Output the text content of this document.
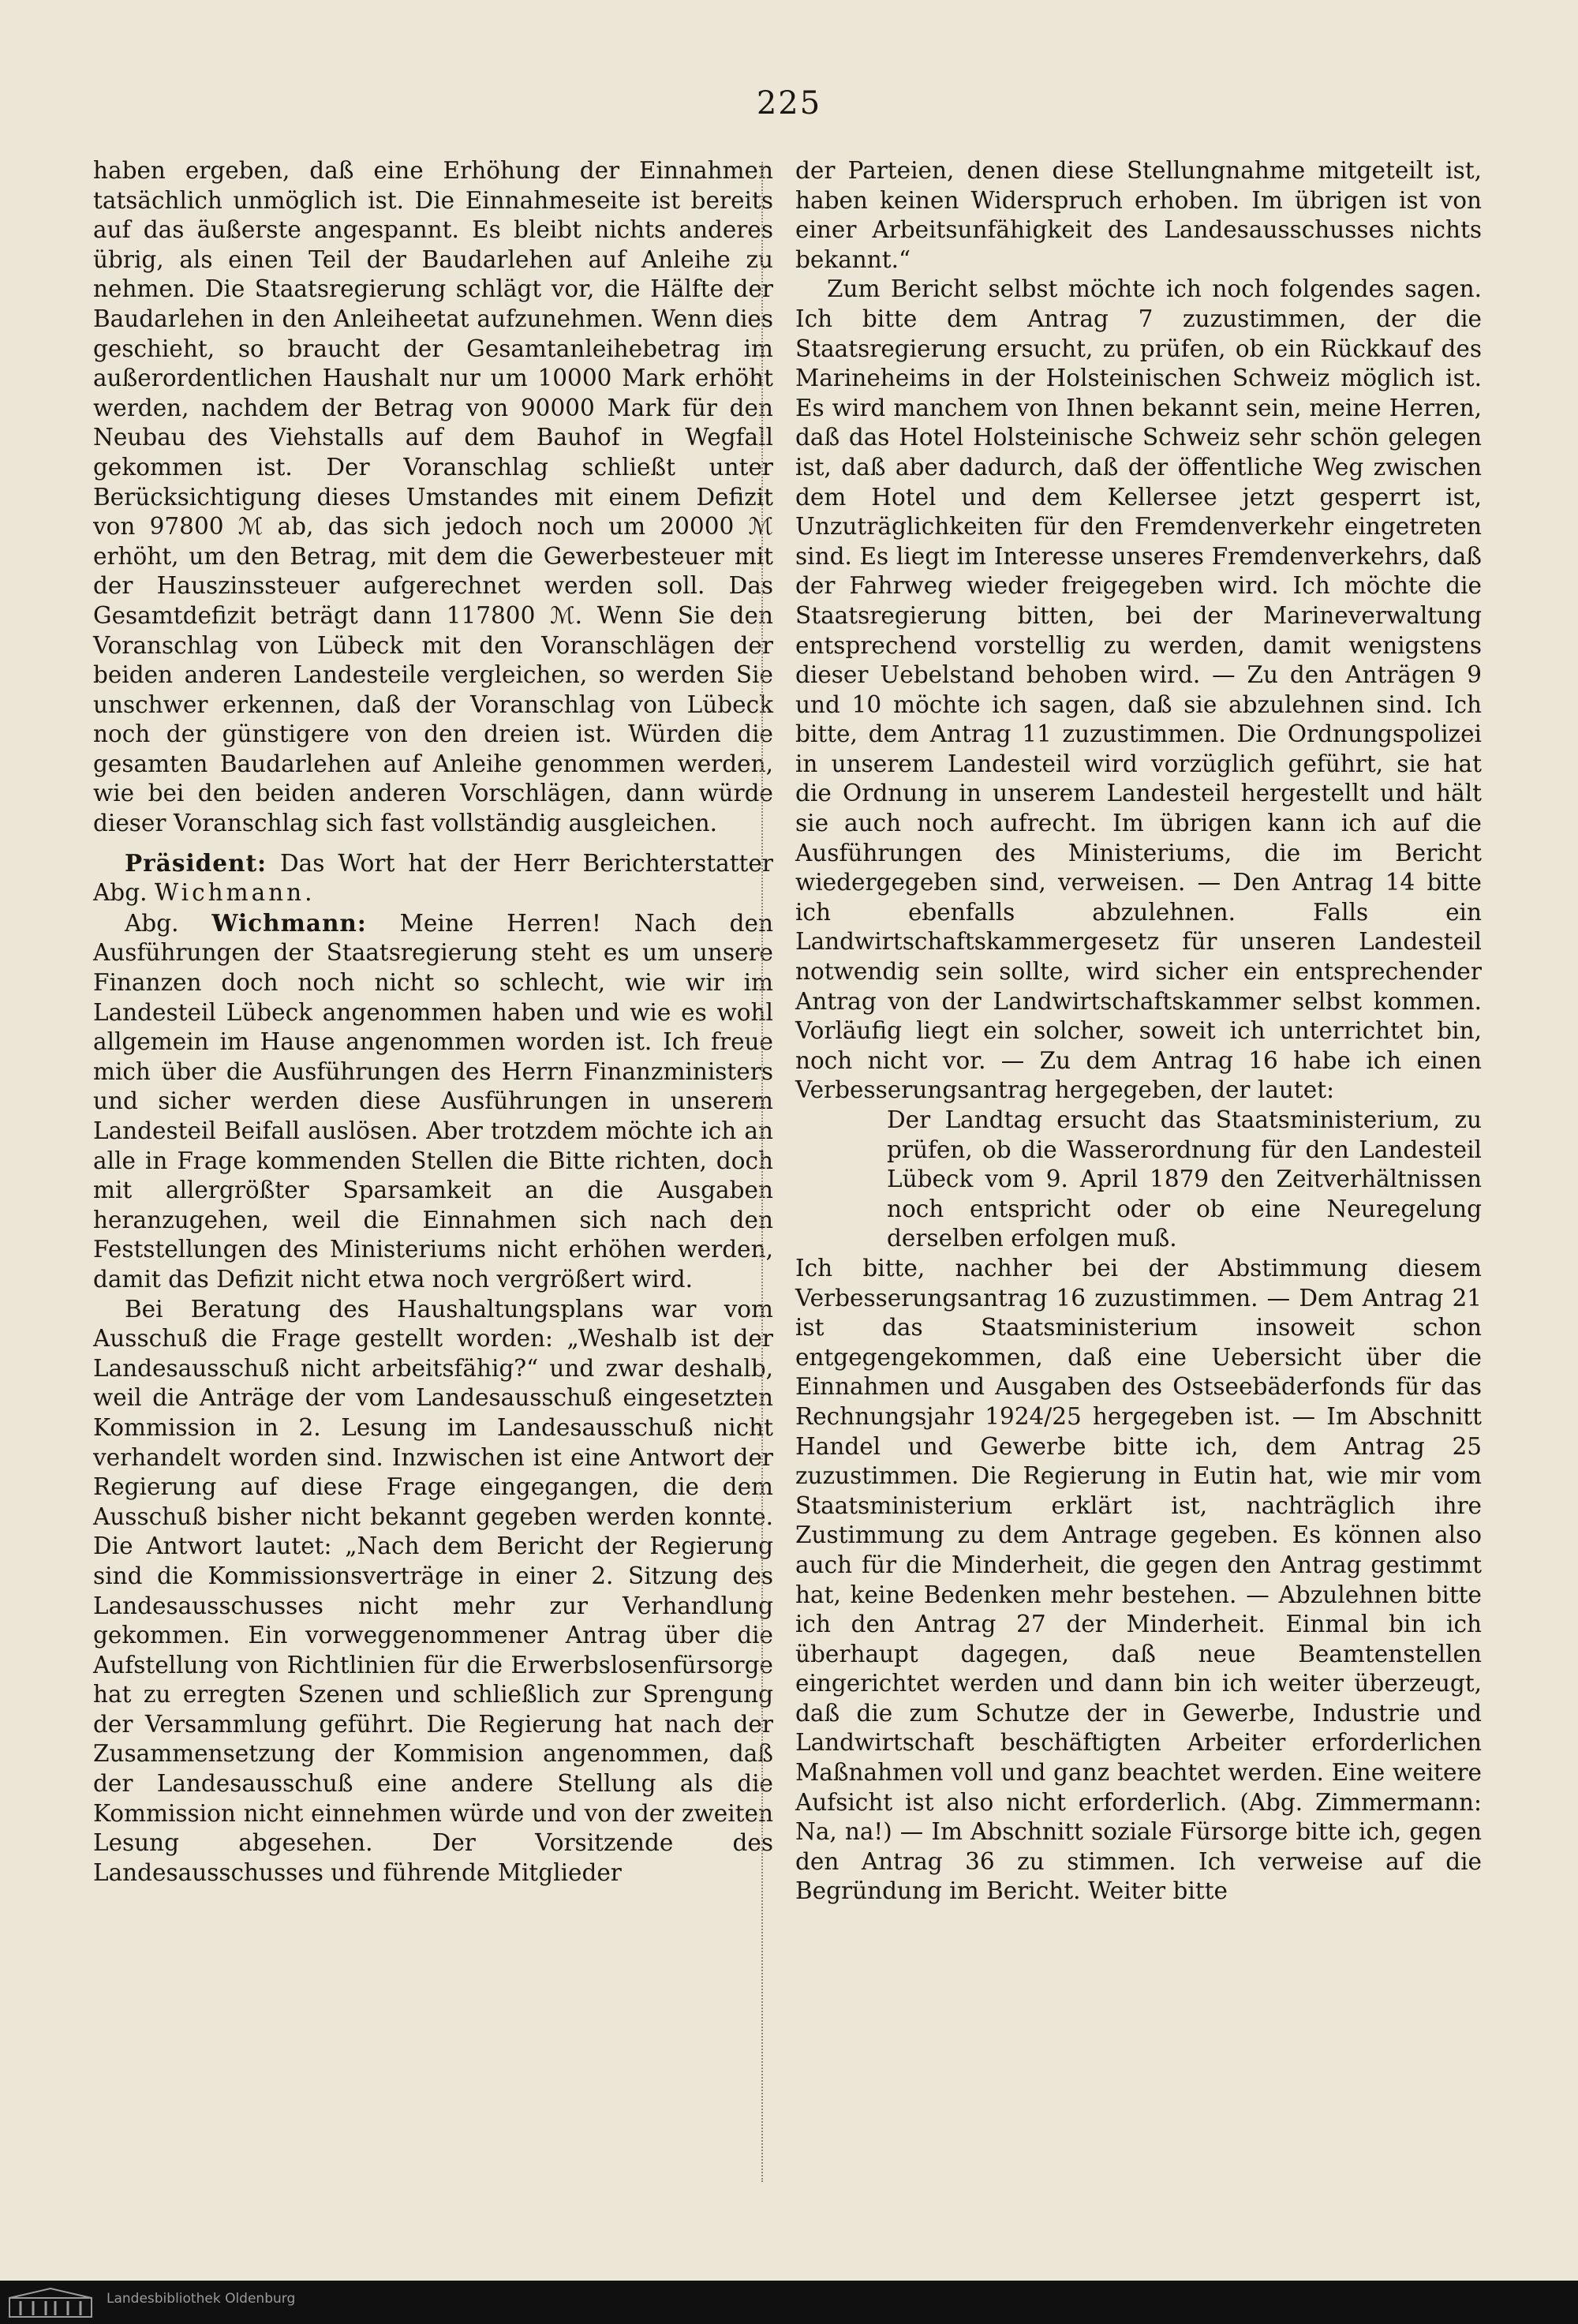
225

haben ergeben, daß eine Erhöhung der Einnahmen tatsächlich unmöglich ist. Die Einnahmeseite ist bereits auf das äußerste angespannt. Es bleibt nichts anderes übrig, als einen Teil der Baudarlehen auf Anleihe zu nehmen. Die Staatsregierung schlägt vor, die Hälfte der Baudarlehen in den Anleiheetat aufzunehmen. Wenn dies geschieht, so braucht der Gesamtanleihebetrag im außerordentlichen Haushalt nur um 10000 Mark erhöht werden, nachdem der Betrag von 90000 Mark für den Neubau des Viehstalls auf dem Bauhof in Wegfall gekommen ist. Der Voranschlag schließt unter Berücksichtigung dieses Umstandes mit einem Defizit von 97800 ℳ ab, das sich jedoch noch um 20000 ℳ erhöht, um den Betrag, mit dem die Gewerbesteuer mit der Hauszinssteuer aufgerechnet werden soll. Das Gesamtdefizit beträgt dann 117800 ℳ. Wenn Sie den Voranschlag von Lübeck mit den Voranschlägen der beiden anderen Landesteile vergleichen, so werden Sie unschwer erkennen, daß der Voranschlag von Lübeck noch der günstigere von den dreien ist. Würden die gesamten Baudarlehen auf Anleihe genommen werden, wie bei den beiden anderen Vorschlägen, dann würde dieser Voranschlag sich fast vollständig ausgleichen.

Präsident: Das Wort hat der Herr Berichterstatter Abg. Wichmann.

Abg. Wichmann: Meine Herren! Nach den Ausführungen der Staatsregierung steht es um unsere Finanzen doch noch nicht so schlecht, wie wir im Landesteil Lübeck angenommen haben und wie es wohl allgemein im Hause angenommen worden ist. Ich freue mich über die Ausführungen des Herrn Finanzministers und sicher werden diese Ausführungen in unserem Landesteil Beifall auslösen. Aber trotzdem möchte ich an alle in Frage kommenden Stellen die Bitte richten, doch mit allergrößter Sparsamkeit an die Ausgaben heranzugehen, weil die Einnahmen sich nach den Feststellungen des Ministeriums nicht erhöhen werden, damit das Defizit nicht etwa noch vergrößert wird.

Bei Beratung des Haushaltungsplans war vom Ausschuß die Frage gestellt worden: „Weshalb ist der Landesausschuß nicht arbeitsfähig?“ und zwar deshalb, weil die Anträge der vom Landesausschuß eingesetzten Kommission in 2. Lesung im Landesausschuß nicht verhandelt worden sind. Inzwischen ist eine Antwort der Regierung auf diese Frage eingegangen, die dem Ausschuß bisher nicht bekannt gegeben werden konnte. Die Antwort lautet: „Nach dem Bericht der Regierung sind die Kommissionsverträge in einer 2. Sitzung des Landesausschusses nicht mehr zur Verhandlung gekommen. Ein vorweggenommener Antrag über die Aufstellung von Richtlinien für die Erwerbslosenfürsorge hat zu erregten Szenen und schließlich zur Sprengung der Versammlung geführt. Die Regierung hat nach der Zusammensetzung der Kommision angenommen, daß der Landesausschuß eine andere Stellung als die Kommission nicht einnehmen würde und von der zweiten Lesung abgesehen. Der Vorsitzende des Landesausschusses und führende Mitglieder

der Parteien, denen diese Stellungnahme mitgeteilt ist, haben keinen Widerspruch erhoben. Im übrigen ist von einer Arbeitsunfähigkeit des Landesausschusses nichts bekannt.“

Zum Bericht selbst möchte ich noch folgendes sagen. Ich bitte dem Antrag 7 zuzustimmen, der die Staatsregierung ersucht, zu prüfen, ob ein Rückkauf des Marineheims in der Holsteinischen Schweiz möglich ist. Es wird manchem von Ihnen bekannt sein, meine Herren, daß das Hotel Holsteinische Schweiz sehr schön gelegen ist, daß aber dadurch, daß der öffentliche Weg zwischen dem Hotel und dem Kellersee jetzt gesperrt ist, Unzuträglichkeiten für den Fremdenverkehr eingetreten sind. Es liegt im Interesse unseres Fremdenverkehrs, daß der Fahrweg wieder freigegeben wird. Ich möchte die Staatsregierung bitten, bei der Marineverwaltung entsprechend vorstellig zu werden, damit wenigstens dieser Uebelstand behoben wird. — Zu den Anträgen 9 und 10 möchte ich sagen, daß sie abzulehnen sind. Ich bitte, dem Antrag 11 zuzustimmen. Die Ordnungspolizei in unserem Landesteil wird vorzüglich geführt, sie hat die Ordnung in unserem Landesteil hergestellt und hält sie auch noch aufrecht. Im übrigen kann ich auf die Ausführungen des Ministeriums, die im Bericht wiedergegeben sind, verweisen. — Den Antrag 14 bitte ich ebenfalls abzulehnen. Falls ein Landwirtschaftskammergesetz für unseren Landesteil notwendig sein sollte, wird sicher ein entsprechender Antrag von der Landwirtschaftskammer selbst kommen. Vorläufig liegt ein solcher, soweit ich unterrichtet bin, noch nicht vor. — Zu dem Antrag 16 habe ich einen Verbesserungsantrag hergegeben, der lautet:

Der Landtag ersucht das Staatsministerium, zu prüfen, ob die Wasserordnung für den Landesteil Lübeck vom 9. April 1879 den Zeitverhältnissen noch entspricht oder ob eine Neuregelung derselben erfolgen muß.

Ich bitte, nachher bei der Abstimmung diesem Verbesserungsantrag 16 zuzustimmen. — Dem Antrag 21 ist das Staatsministerium insoweit schon entgegengekommen, daß eine Uebersicht über die Einnahmen und Ausgaben des Ostseebäderfonds für das Rechnungsjahr 1924/25 hergegeben ist. — Im Abschnitt Handel und Gewerbe bitte ich, dem Antrag 25 zuzustimmen. Die Regierung in Eutin hat, wie mir vom Staatsministerium erklärt ist, nachträglich ihre Zustimmung zu dem Antrage gegeben. Es können also auch für die Minderheit, die gegen den Antrag gestimmt hat, keine Bedenken mehr bestehen. — Abzulehnen bitte ich den Antrag 27 der Minderheit. Einmal bin ich überhaupt dagegen, daß neue Beamtenstellen eingerichtet werden und dann bin ich weiter überzeugt, daß die zum Schutze der in Gewerbe, Industrie und Landwirtschaft beschäftigten Arbeiter erforderlichen Maßnahmen voll und ganz beachtet werden. Eine weitere Aufsicht ist also nicht erforderlich. (Abg. Zimmermann: Na, na!) — Im Abschnitt soziale Fürsorge bitte ich, gegen den Antrag 36 zu stimmen. Ich verweise auf die Begründung im Bericht. Weiter bitte

Landesbibliothek Oldenburg
